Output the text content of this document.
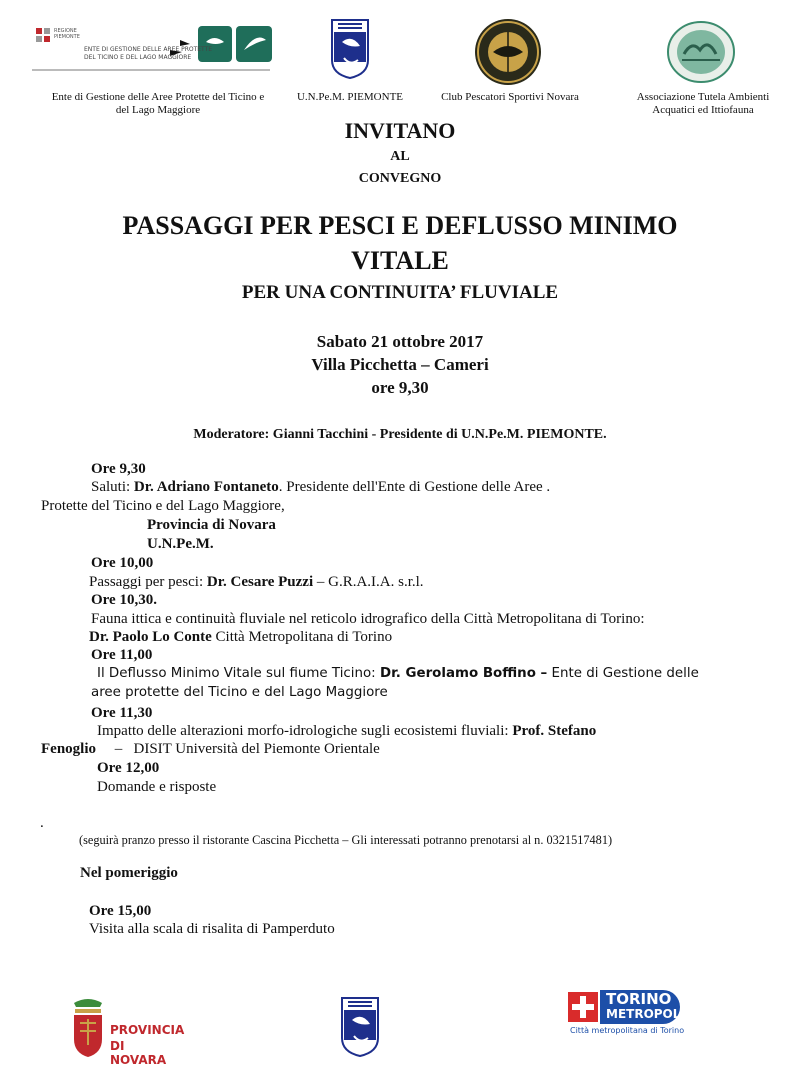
REGIONE PIEMONTE
ENTE DI GESTIONE DELLE AREE PROTETTE
DEL TICINO E DEL LAGO MAGGIORE
Ente di Gestione delle Aree Protette del Ticino e
del Lago Maggiore
U.N.Pe.M. PIEMONTE	Club Pescatori Sportivi Novara	Associazione Tutela Ambienti
Acquatici ed Ittiofauna
INVITANO
AL
CONVEGNO
PASSAGGI PER PESCI E DEFLUSSO MINIMO
VITALE
PER UNA CONTINUITA’ FLUVIALE
Sabato 21 ottobre 2017
Villa Picchetta – Cameri
ore 9,30
Moderatore: Gianni Tacchini - Presidente di U.N.Pe.M. PIEMONTE.
Ore 9,30
Saluti: Dr. Adriano Fontaneto. Presidente dell'Ente di Gestione delle Aree .
Protette del Ticino e del Lago Maggiore,
Provincia di Novara
U.N.Pe.M.
Ore 10,00
Passaggi per pesci: Dr. Cesare Puzzi – G.R.A.I.A. s.r.l.
Ore 10,30.
Fauna ittica e continuità fluviale nel reticolo idrografico della Città Metropolitana di Torino:
Dr. Paolo Lo Conte Città Metropolitana di Torino
Ore 11,00
Il Deflusso Minimo Vitale sul fiume Ticino: Dr. Gerolamo Boffino – Ente di Gestione delle
aree protette del Ticino e del Lago Maggiore
Ore 11,30
Impatto delle alterazioni morfo-idrologiche sugli ecosistemi fluviali: Prof. Stefano
Fenoglio     –   DISIT Università del Piemonte Orientale
Ore 12,00
Domande e risposte
.
(seguirà pranzo presso il ristorante Cascina Picchetta – Gli interessati potranno prenotarsi al n. 0321517481)
Nel pomeriggio
Ore 15,00
Visita alla scala di risalita di Pamperduto
PROVINCIA
DI NOVARA
TORINO
METROPOLI
Città metropolitana di Torino
